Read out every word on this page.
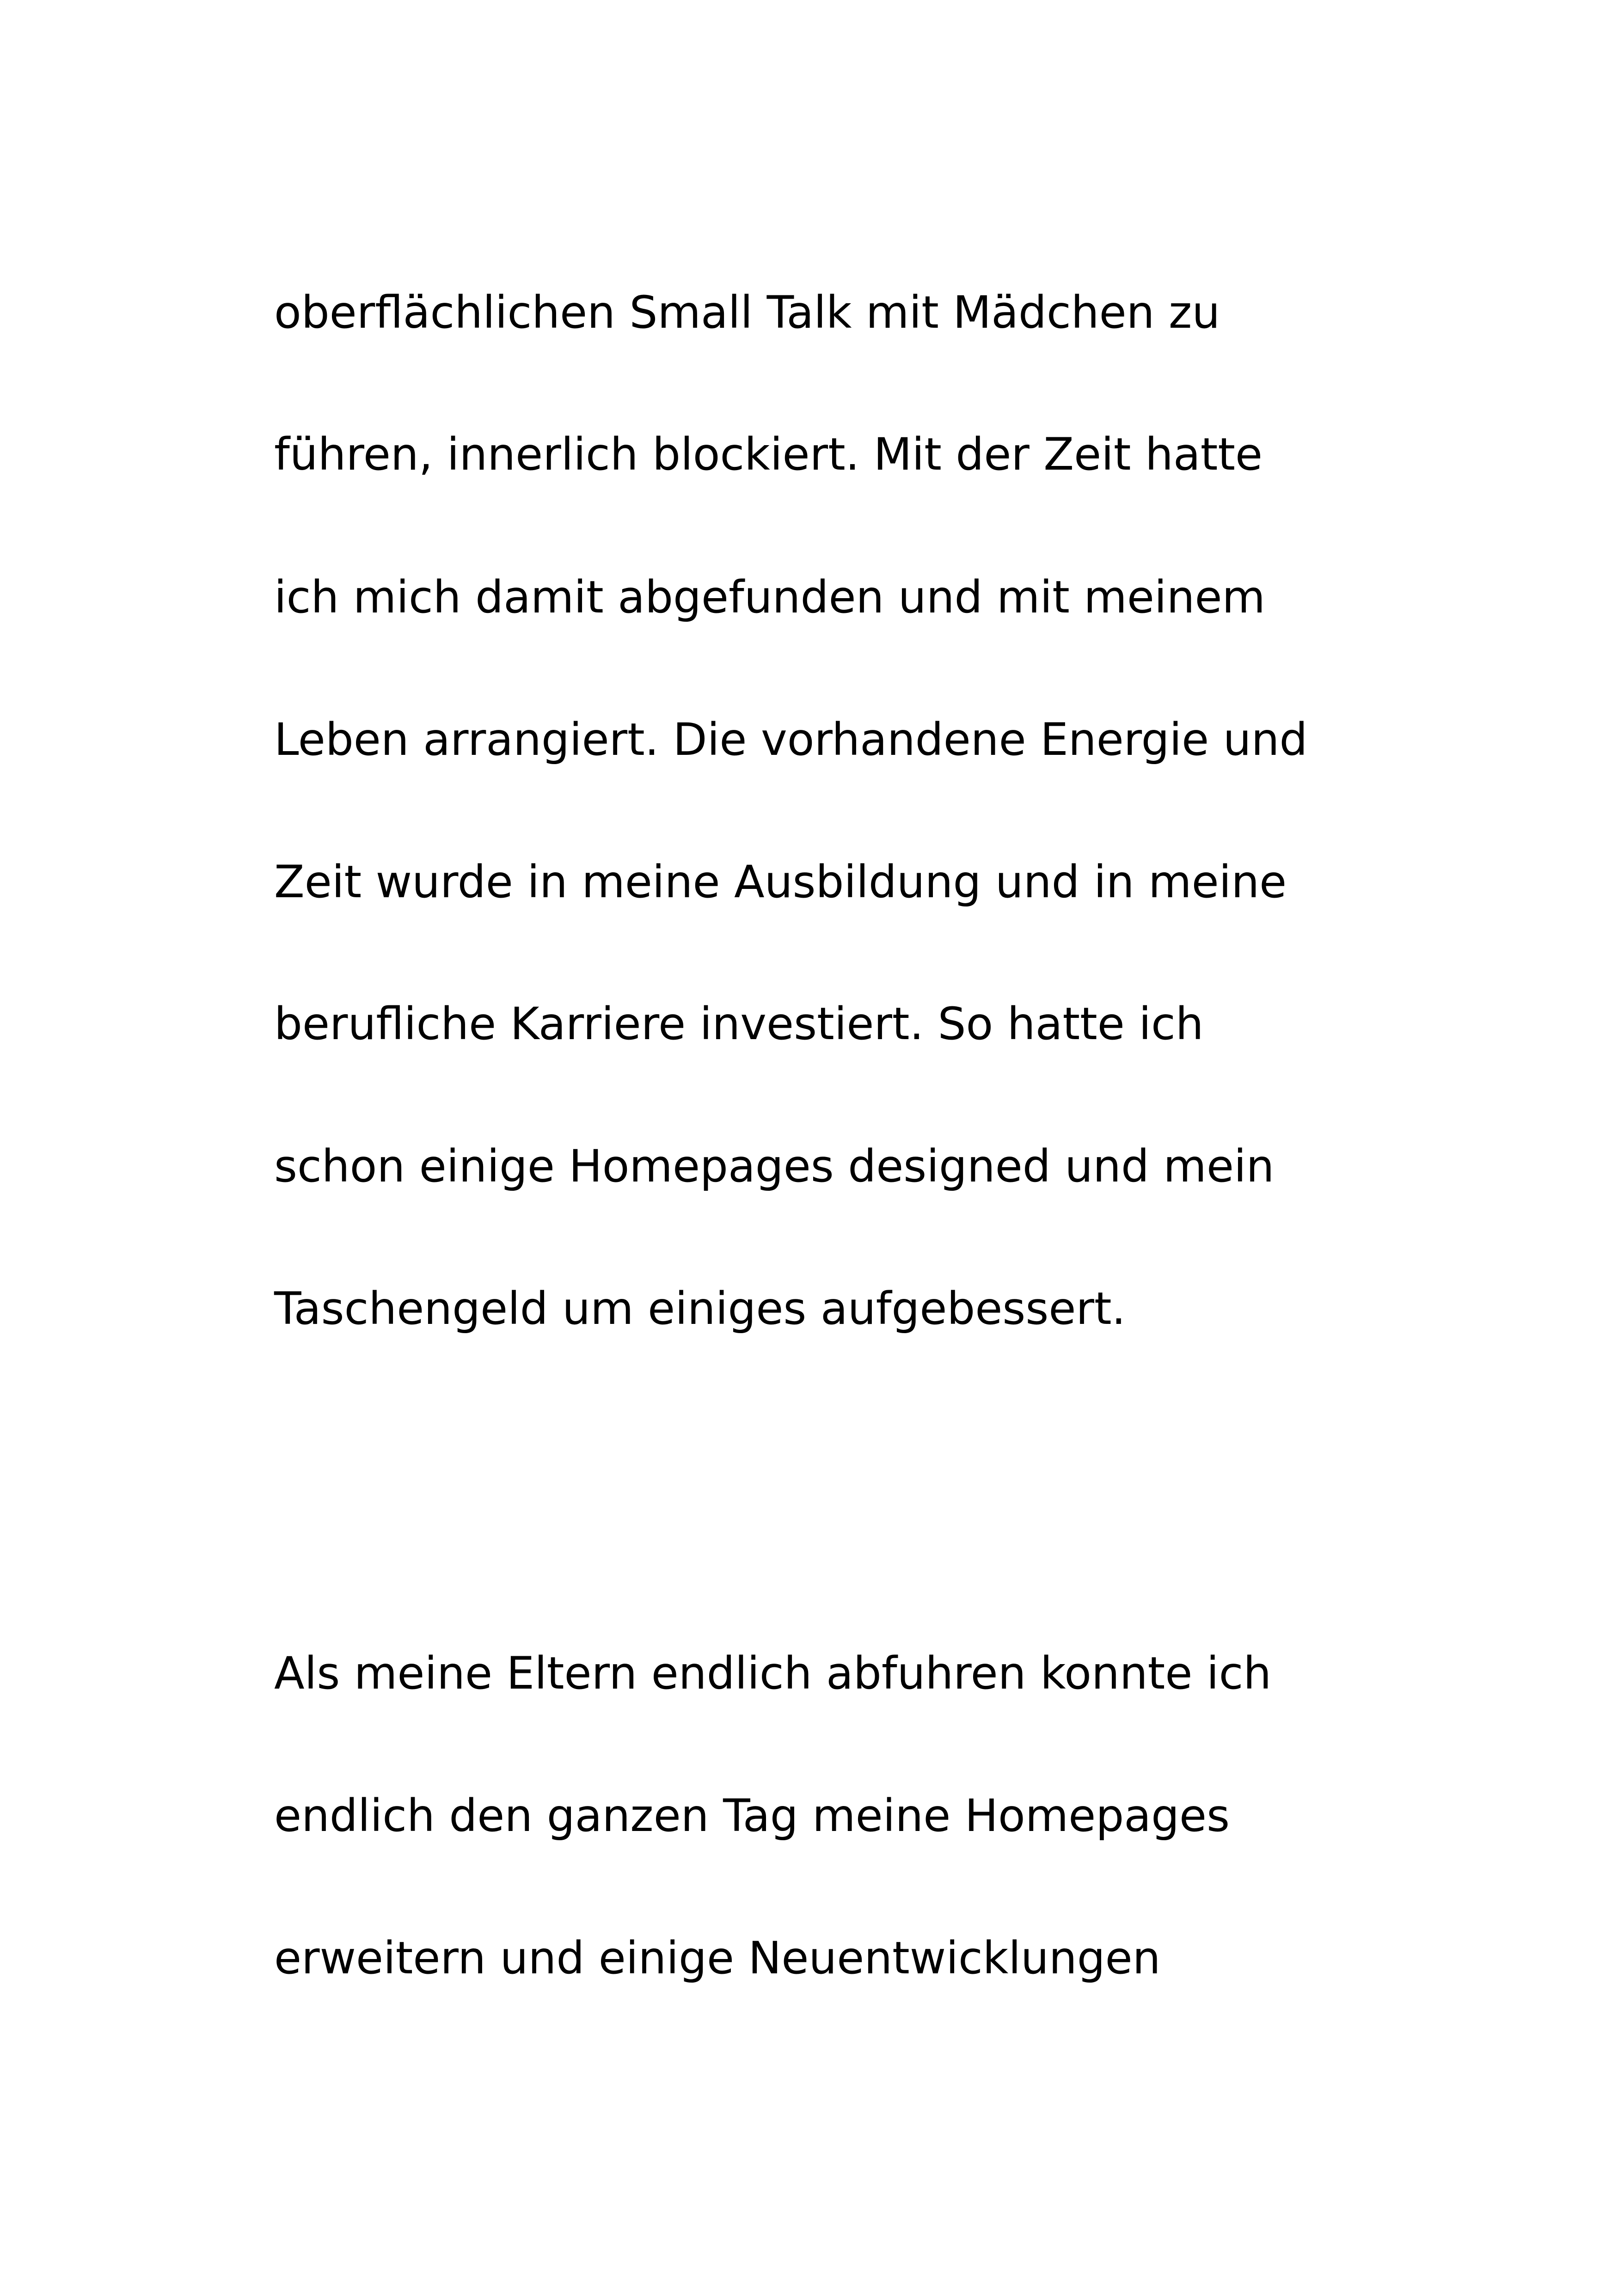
oberflächlichen Small Talk mit Mädchen zu
führen, innerlich blockiert. Mit der Zeit hatte
ich mich damit abgefunden und mit meinem
Leben arrangiert. Die vorhandene Energie und
Zeit wurde in meine Ausbildung und in meine
berufliche Karriere investiert. So hatte ich
schon einige Homepages designed und mein
Taschengeld um einiges aufgebessert.
Als meine Eltern endlich abfuhren konnte ich
endlich den ganzen Tag meine Homepages
erweitern und einige Neuentwicklungen
